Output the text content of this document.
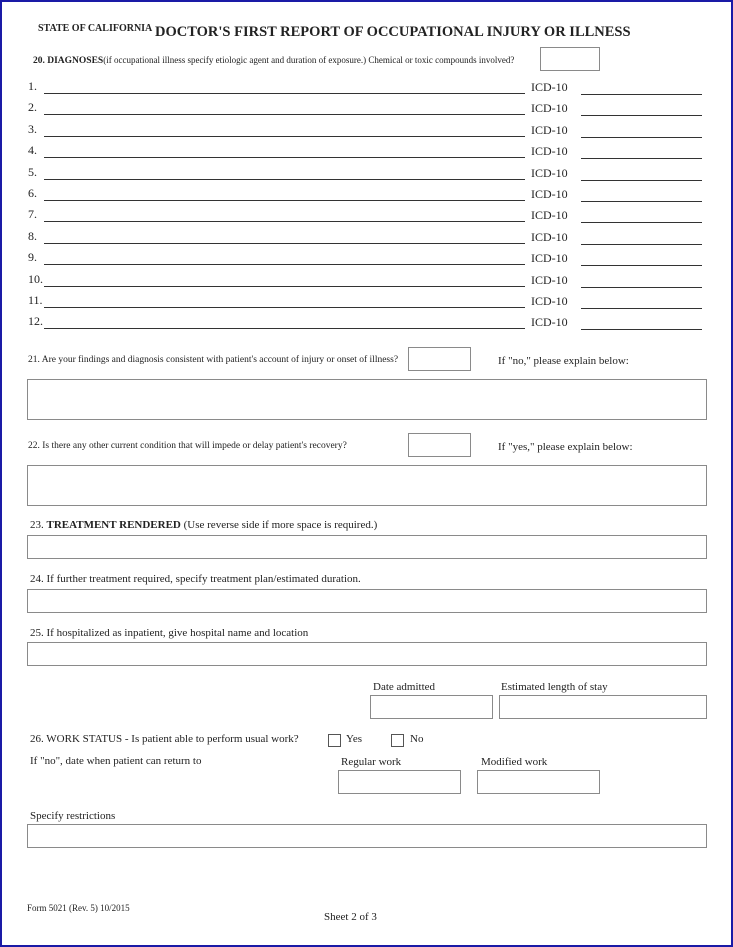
STATE OF CALIFORNIA DOCTOR'S FIRST REPORT OF OCCUPATIONAL INJURY OR ILLNESS
20. DIAGNOSES(if occupational illness specify etiologic agent and duration of exposure.) Chemical or toxic compounds involved?
1.	ICD-10
2.	ICD-10
3.	ICD-10
4.	ICD-10
5.	ICD-10
6.	ICD-10
7.	ICD-10
8.	ICD-10
9.	ICD-10
10.	ICD-10
11.	ICD-10
12.	ICD-10
21. Are your findings and diagnosis consistent with patient's account of injury or onset of illness?	If "no," please explain below:
22. Is there any other current condition that will impede or delay patient's recovery?	If "yes," please explain below:
23. TREATMENT RENDERED (Use reverse side if more space is required.)
24. If further treatment required, specify treatment plan/estimated duration.
25. If hospitalized as inpatient, give hospital name and location
Date admitted	Estimated length of stay
26. WORK STATUS - Is patient able to perform usual work?	Yes	No
If "no", date when patient can return to	Regular work	Modified work
Specify restrictions
Form 5021 (Rev. 5) 10/2015
Sheet 2 of 3
